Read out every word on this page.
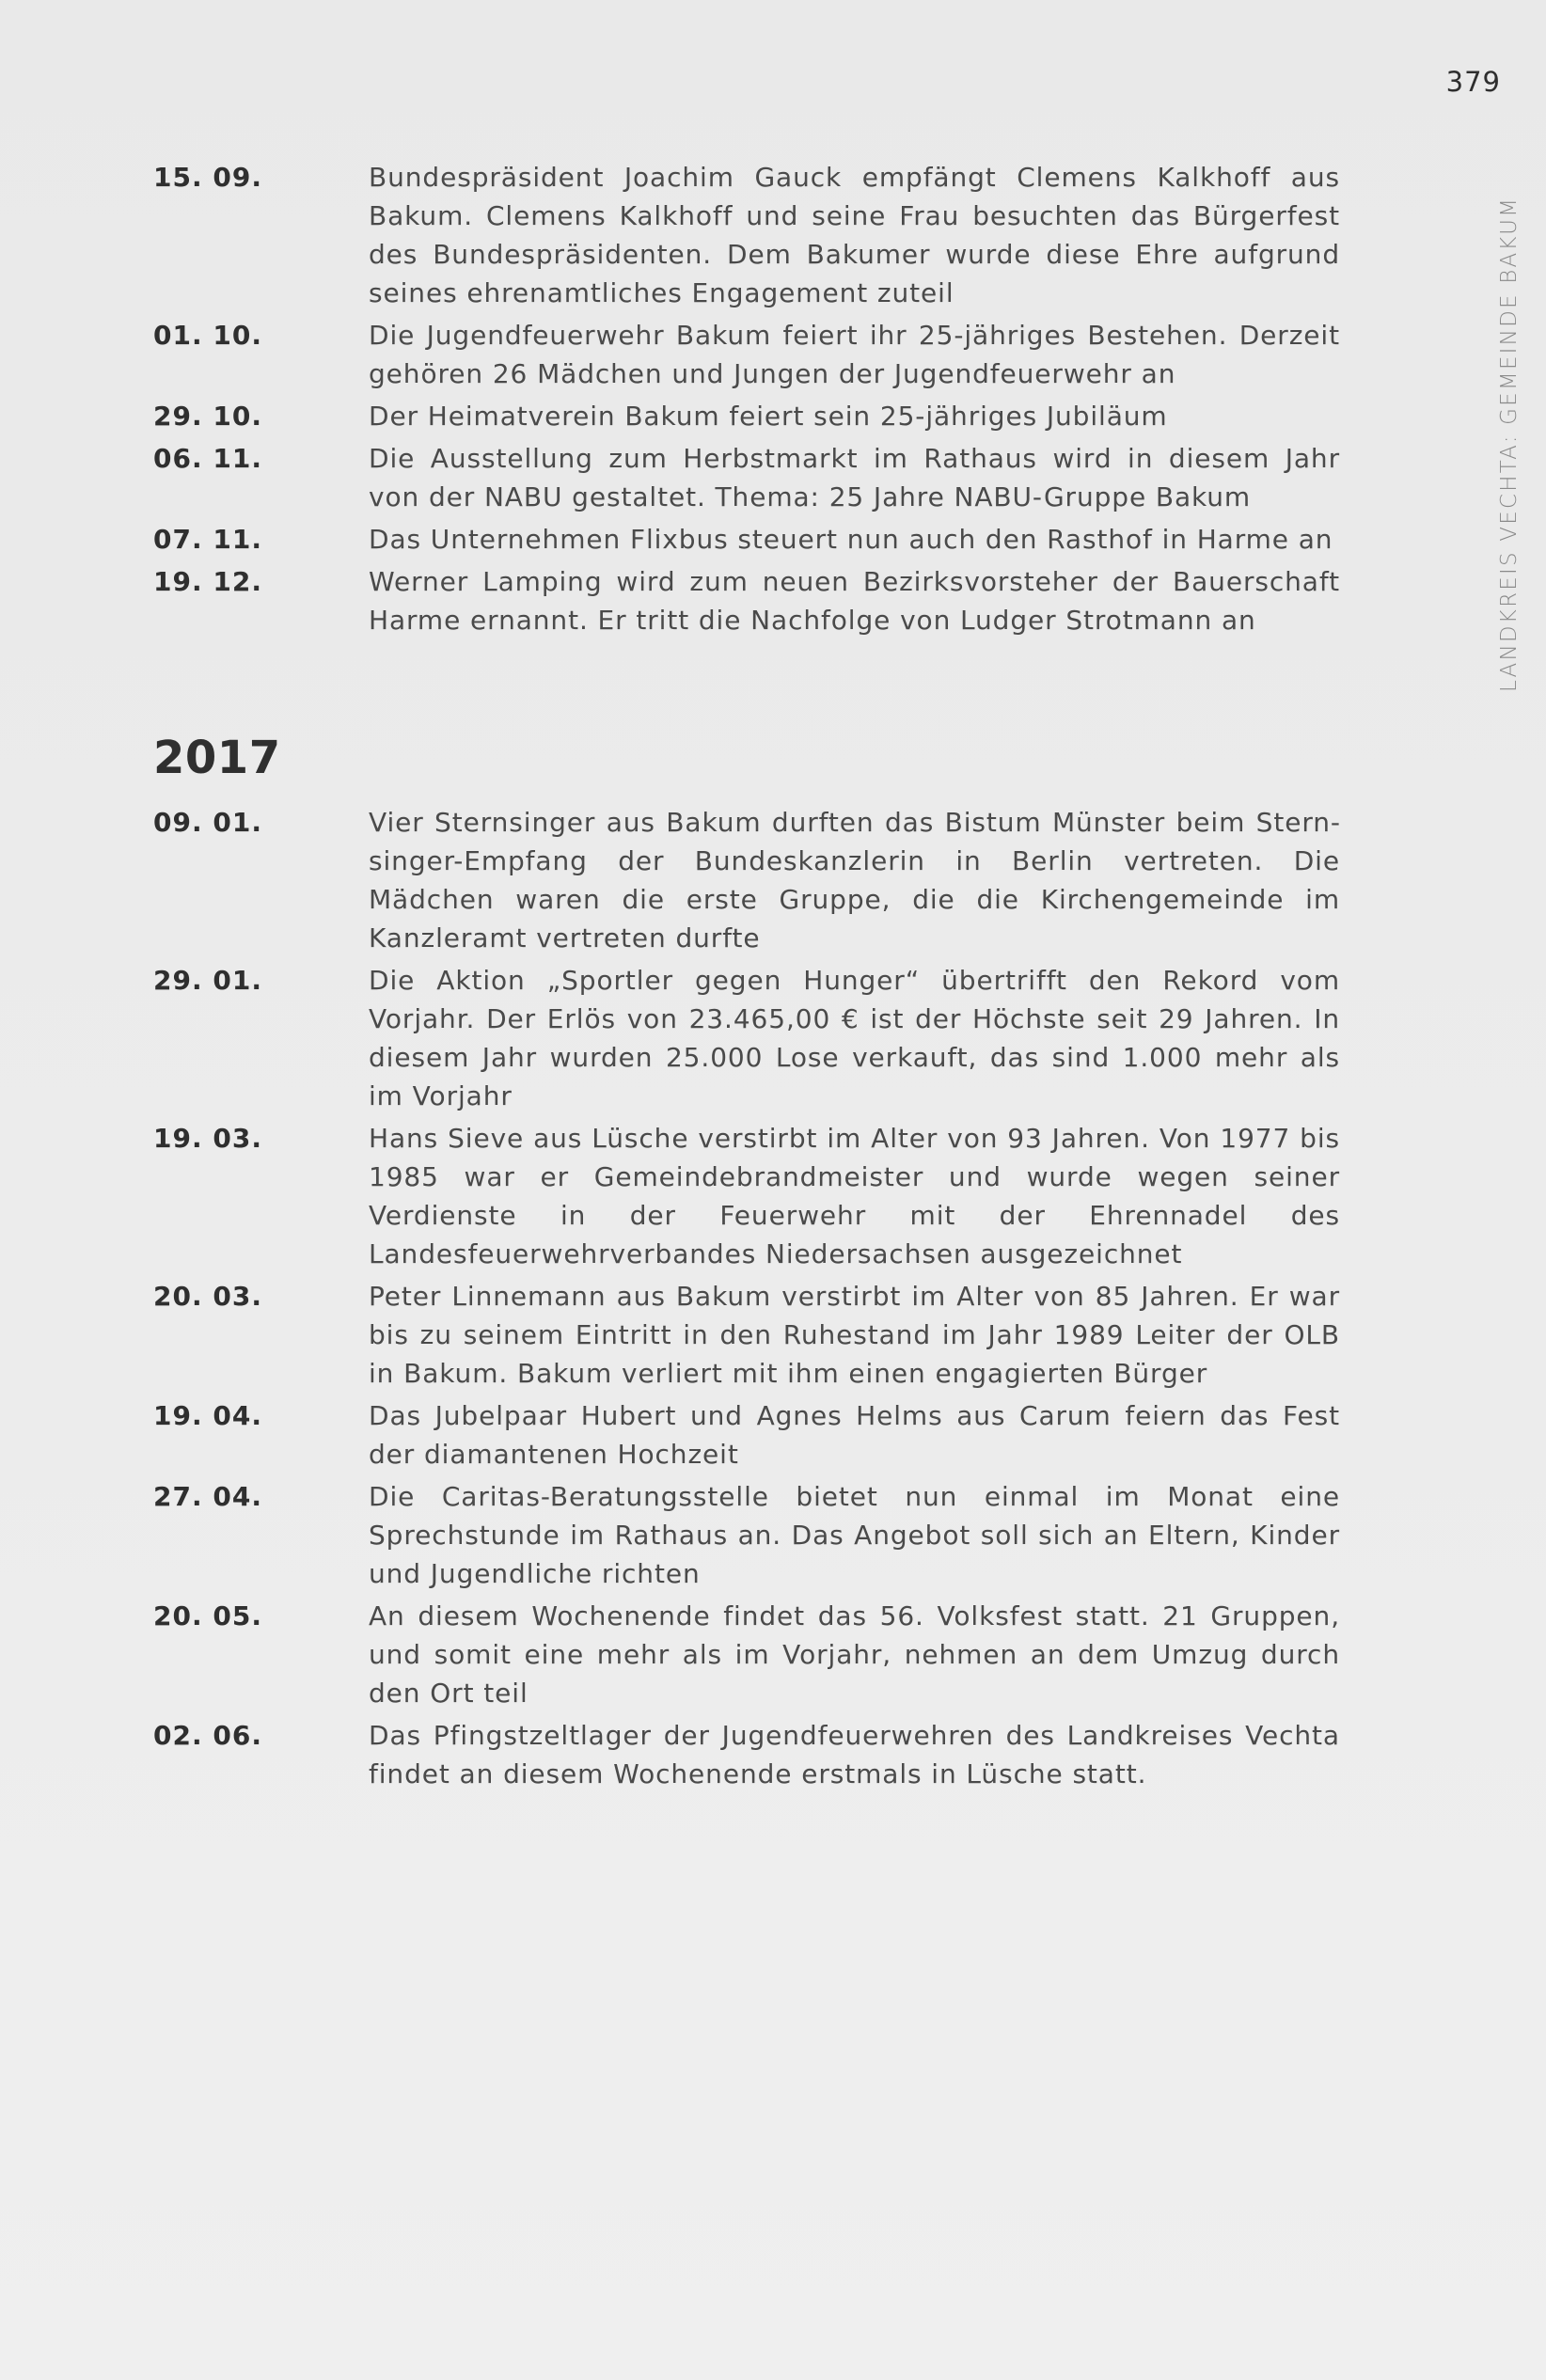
379
LANDKREIS VECHTA: GEMEINDE BAKUM
15. 09.	Bundespräsident Joachim Gauck empfängt Clemens Kalkhoff aus Bakum. Clemens Kalkhoff und seine Frau besuchten das Bürgerfest des Bundespräsidenten. Dem Bakumer wurde diese Ehre aufgrund seines ehrenamtliches Engagement zuteil
01. 10.	Die Jugendfeuerwehr Bakum feiert ihr 25-jähriges Bestehen. Derzeit gehören 26 Mädchen und Jungen der Jugendfeuerwehr an
29. 10.	Der Heimatverein Bakum feiert sein 25-jähriges Jubiläum
06. 11.	Die Ausstellung zum Herbstmarkt im Rathaus wird in diesem Jahr von der NABU gestaltet. Thema: 25 Jahre NABU-Gruppe Bakum
07. 11.	Das Unternehmen Flixbus steuert nun auch den Rasthof in Harme an
19. 12.	Werner Lamping wird zum neuen Bezirksvorsteher der Bauerschaft Harme ernannt. Er tritt die Nachfolge von Ludger Strotmann an
2017
09. 01.	Vier Sternsinger aus Bakum durften das Bistum Münster beim Sternsinger-Empfang der Bundeskanzlerin in Berlin vertreten. Die Mädchen waren die erste Gruppe, die die Kirchengemeinde im Kanzleramt vertreten durfte
29. 01.	Die Aktion „Sportler gegen Hunger“ übertrifft den Rekord vom Vorjahr. Der Erlös von 23.465,00 € ist der Höchste seit 29 Jahren. In diesem Jahr wurden 25.000 Lose verkauft, das sind 1.000 mehr als im Vorjahr
19. 03.	Hans Sieve aus Lüsche verstirbt im Alter von 93 Jahren. Von 1977 bis 1985 war er Gemeindebrandmeister und wurde wegen seiner Verdienste in der Feuerwehr mit der Ehrennadel des Landesfeuerwehrverbandes Niedersachsen ausgezeichnet
20. 03.	Peter Linnemann aus Bakum verstirbt im Alter von 85 Jahren. Er war bis zu seinem Eintritt in den Ruhestand im Jahr 1989 Leiter der OLB in Bakum. Bakum verliert mit ihm einen engagierten Bürger
19. 04.	Das Jubelpaar Hubert und Agnes Helms aus Carum feiern das Fest der diamantenen Hochzeit
27. 04.	Die Caritas-Beratungsstelle bietet nun einmal im Monat eine Sprechstunde im Rathaus an. Das Angebot soll sich an Eltern, Kinder und Jugendliche richten
20. 05.	An diesem Wochenende findet das 56. Volksfest statt. 21 Gruppen, und somit eine mehr als im Vorjahr, nehmen an dem Umzug durch den Ort teil
02. 06.	Das Pfingstzeltlager der Jugendfeuerwehren des Landkreises Vechta findet an diesem Wochenende erstmals in Lüsche statt.
